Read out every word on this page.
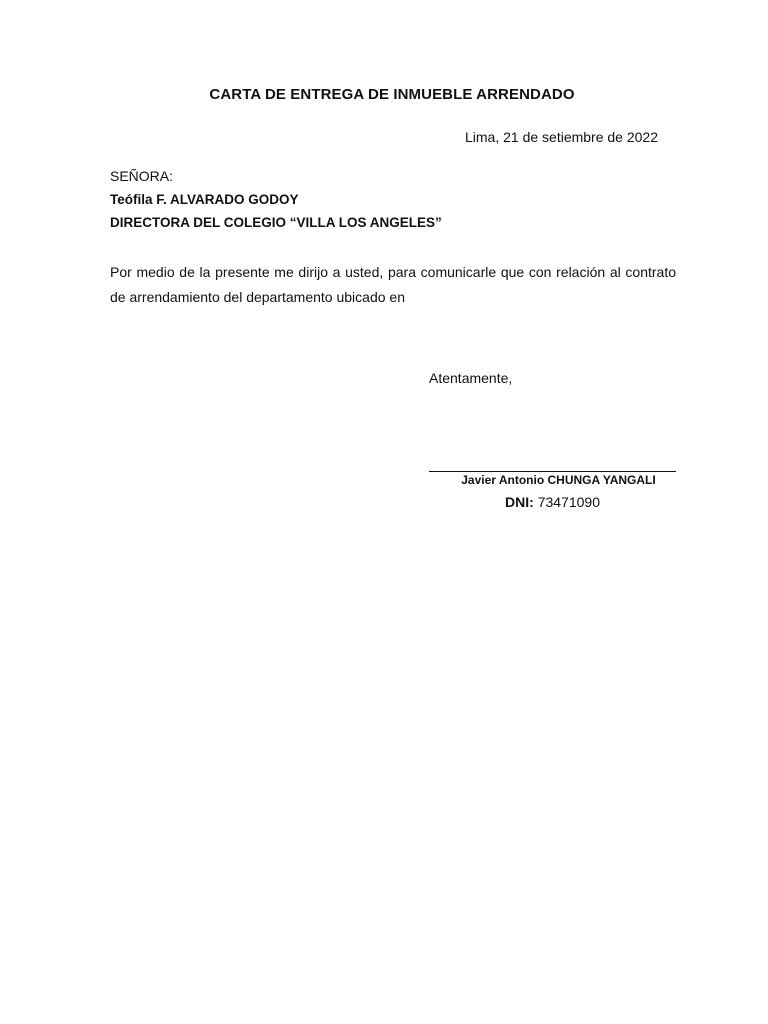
CARTA DE ENTREGA DE INMUEBLE ARRENDADO
Lima, 21 de setiembre de 2022
SEÑORA:
Teófila F. ALVARADO GODOY
DIRECTORA DEL COLEGIO “VILLA LOS ANGELES”
Por medio de la presente me dirijo a usted, para comunicarle que con relación al contrato
de arrendamiento del departamento ubicado en
Atentamente,
Javier Antonio CHUNGA YANGALI
DNI: 73471090
